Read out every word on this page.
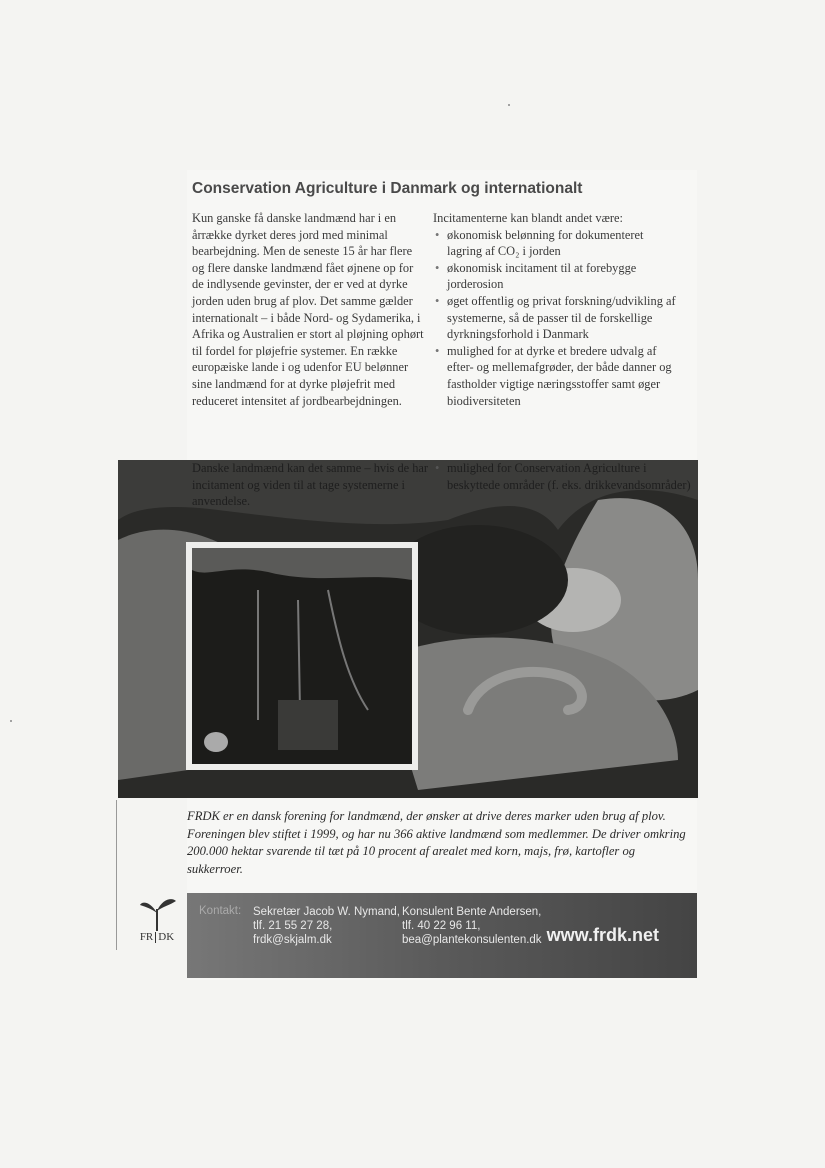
Conservation Agriculture i Danmark og internationalt

Kun ganske få danske landmænd har i en årrække dyrket deres jord med minimal bearbejdning. Men de seneste 15 år har flere og flere danske landmænd fået øjnene op for de indlysende gevinster, der er ved at dyrke jorden uden brug af plov. Det samme gælder internationalt – i både Nord- og Sydamerika, i Afrika og Australien er stort al pløjning ophørt til fordel for pløjefrie systemer. En række europæiske lande i og udenfor EU belønner sine landmænd for at dyrke pløjefrit med reduceret intensitet af jordbearbejdningen.

Incitamenterne kan blandt andet være:

• økonomisk belønning for dokumenteret lagring af CO₂ i jorden
• økonomisk incitament til at forebygge jorderosion
• øget offentlig og privat forskning/udvikling af systemerne, så de passer til de forskellige dyrkningsforhold i Danmark
• mulighed for at dyrke et bredere udvalg af efter- og mellemafgrøder, der både danner og fastholder vigtige næringsstoffer samt øger biodiversiteten
Danske landmænd kan det samme – hvis de har incitament og viden til at tage systemerne i anvendelse.
• mulighed for Conservation Agriculture i beskyttede områder (f. eks. drikkevandsområder)
FRDK er en dansk forening for landmænd, der ønsker at drive deres marker uden brug af plov. Foreningen blev stiftet i 1999, og har nu 366 aktive landmænd som medlemmer. De driver omkring 200.000 hektar svarende til tæt på 10 procent af arealet med korn, majs, frø, kartofler og sukkerroer.
Kontakt: Sekretær Jacob W. Nymand,
tlf. 21 55 27 28,
frdk@skjalm.dk
Konsulent Bente Andersen,
tlf. 40 22 96 11,
bea@plantekonsulenten.dk www.frdk.net
FR DK
